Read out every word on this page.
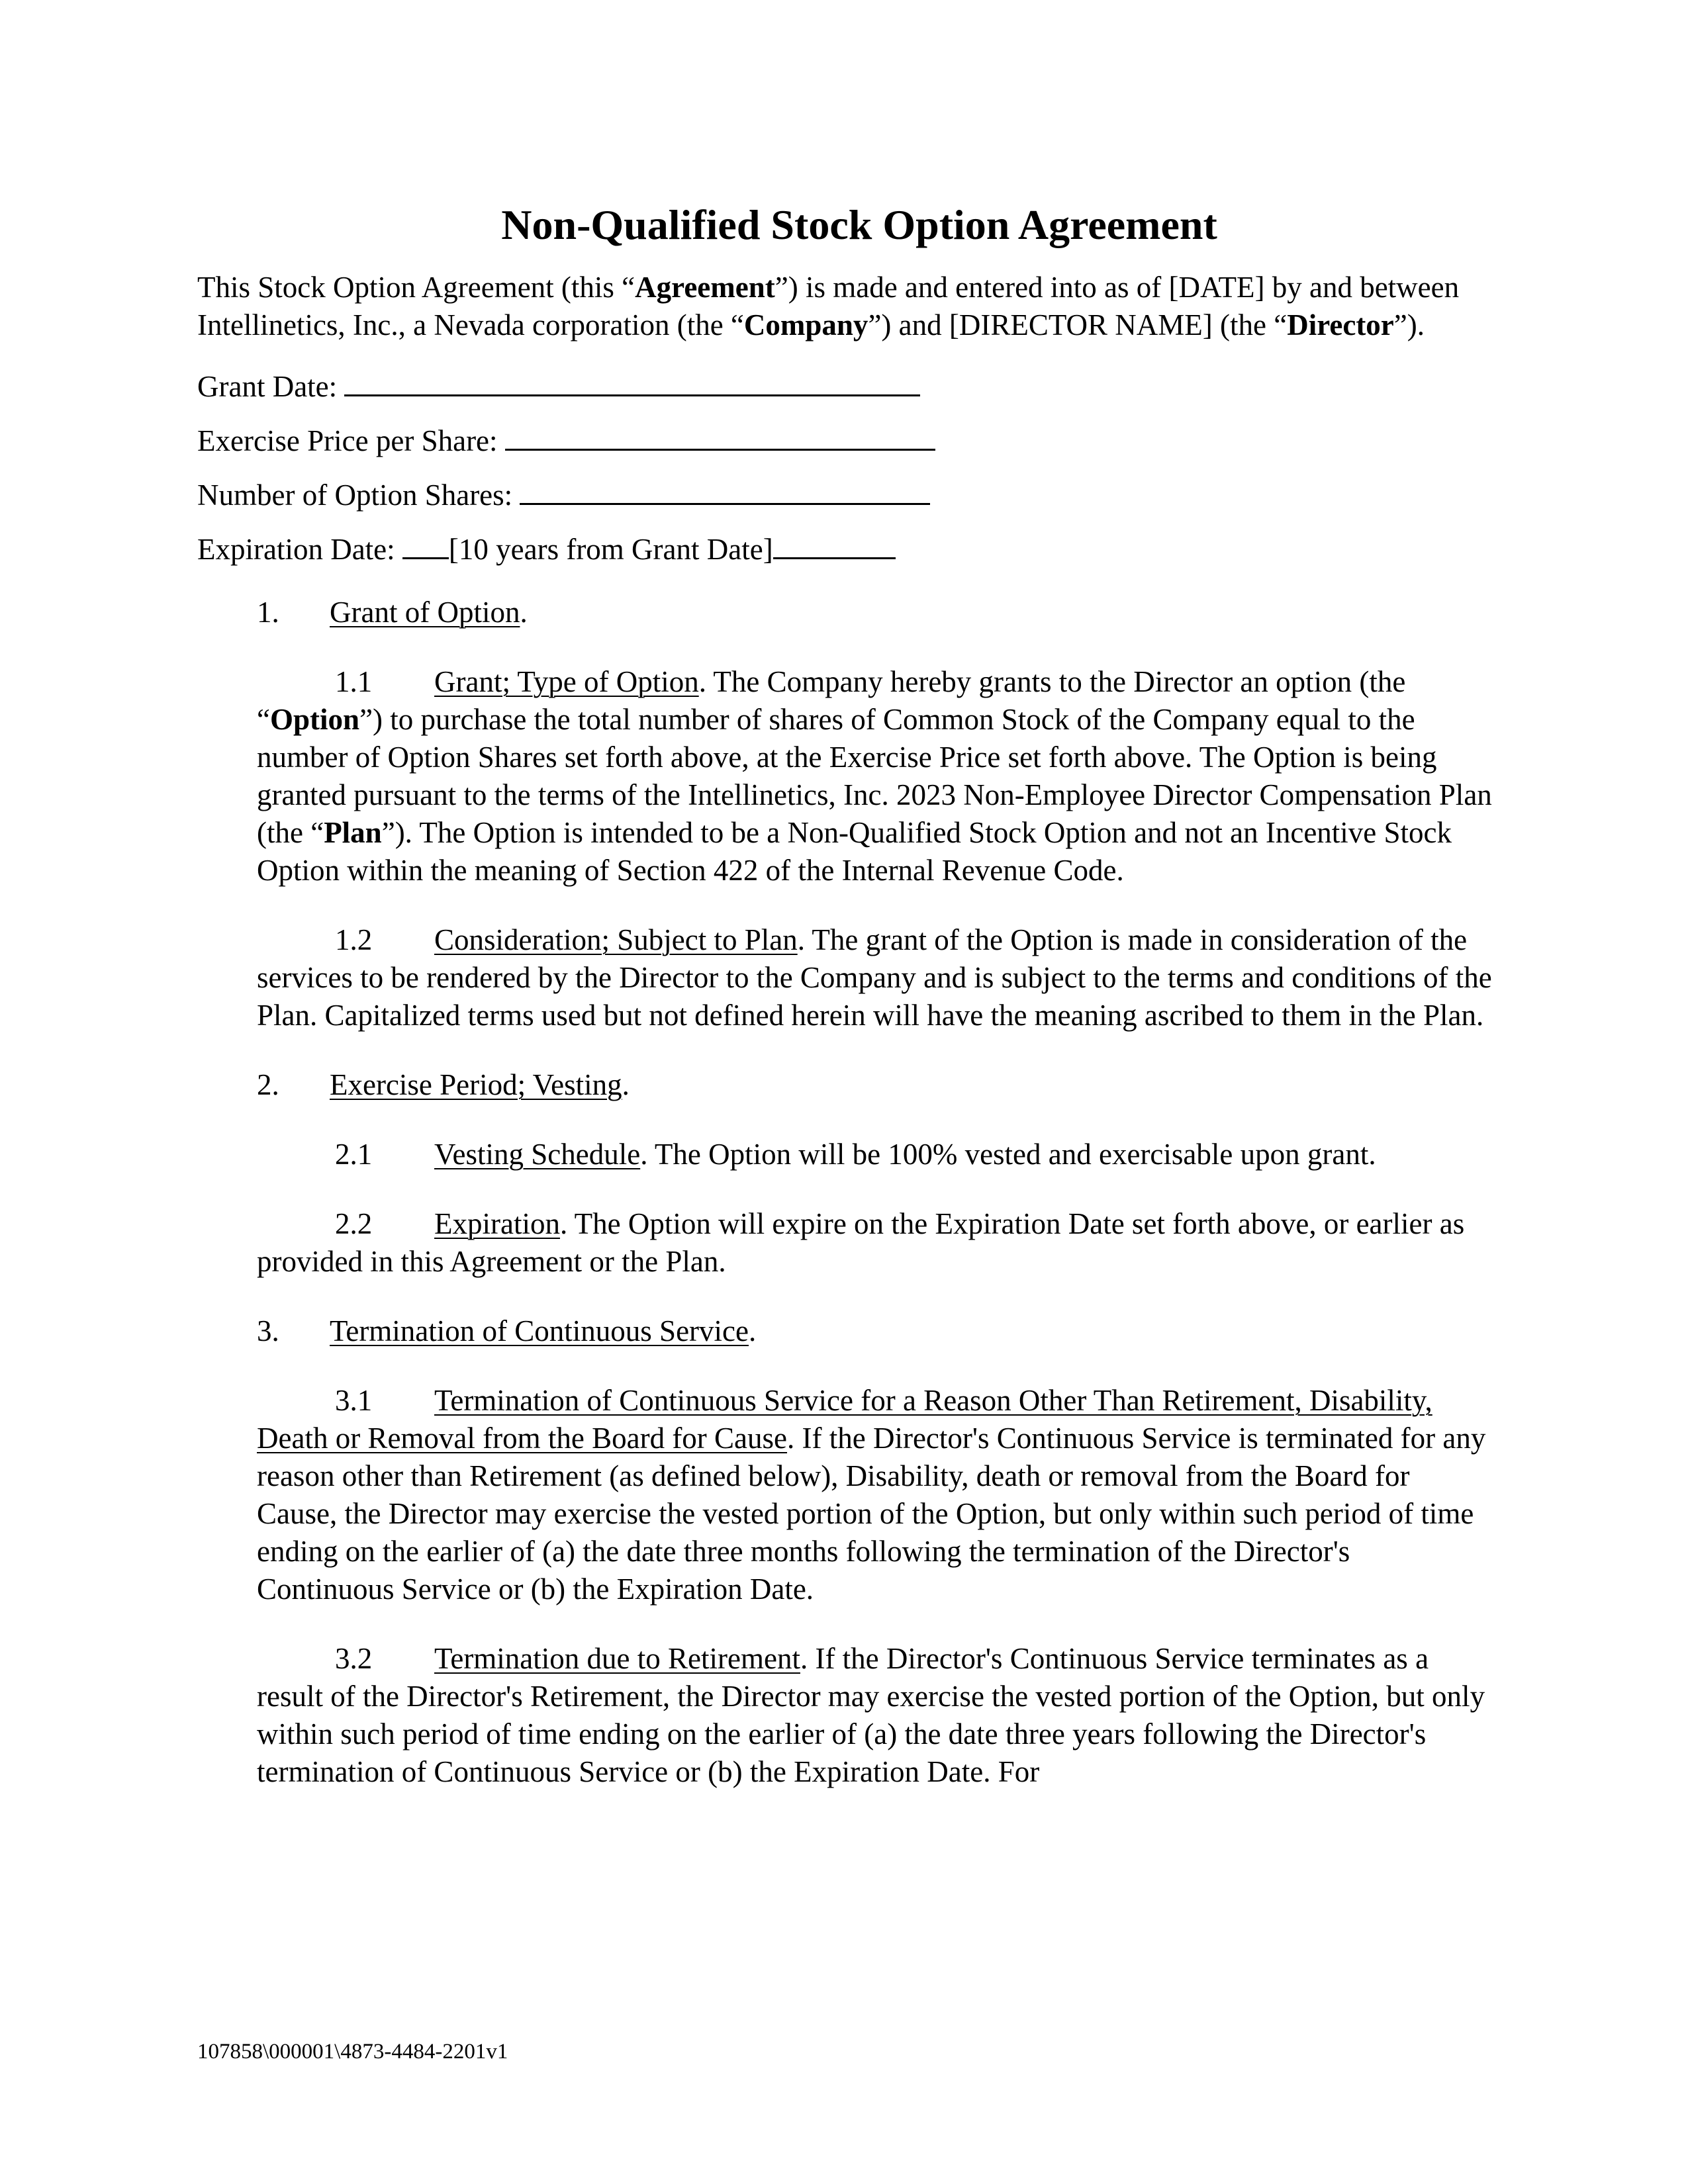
Non-Qualified Stock Option Agreement

This Stock Option Agreement (this “Agreement”) is made and entered into as of [DATE] by and between Intellinetics, Inc., a Nevada corporation (the “Company”) and [DIRECTOR NAME] (the “Director”).

Grant Date:
Exercise Price per Share:
Number of Option Shares:
Expiration Date: [10 years from Grant Date]

1. Grant of Option.

1.1 Grant; Type of Option. The Company hereby grants to the Director an option (the “Option”) to purchase the total number of shares of Common Stock of the Company equal to the number of Option Shares set forth above, at the Exercise Price set forth above. The Option is being granted pursuant to the terms of the Intellinetics, Inc. 2023 Non-Employee Director Compensation Plan (the “Plan”). The Option is intended to be a Non-Qualified Stock Option and not an Incentive Stock Option within the meaning of Section 422 of the Internal Revenue Code.

1.2 Consideration; Subject to Plan. The grant of the Option is made in consideration of the services to be rendered by the Director to the Company and is subject to the terms and conditions of the Plan. Capitalized terms used but not defined herein will have the meaning ascribed to them in the Plan.

2. Exercise Period; Vesting.

2.1 Vesting Schedule. The Option will be 100% vested and exercisable upon grant.

2.2 Expiration. The Option will expire on the Expiration Date set forth above, or earlier as provided in this Agreement or the Plan.

3. Termination of Continuous Service.

3.1 Termination of Continuous Service for a Reason Other Than Retirement, Disability, Death or Removal from the Board for Cause. If the Director's Continuous Service is terminated for any reason other than Retirement (as defined below), Disability, death or removal from the Board for Cause, the Director may exercise the vested portion of the Option, but only within such period of time ending on the earlier of (a) the date three months following the termination of the Director's Continuous Service or (b) the Expiration Date.

3.2 Termination due to Retirement. If the Director's Continuous Service terminates as a result of the Director's Retirement, the Director may exercise the vested portion of the Option, but only within such period of time ending on the earlier of (a) the date three years following the Director's termination of Continuous Service or (b) the Expiration Date. For

107858\000001\4873-4484-2201v1
